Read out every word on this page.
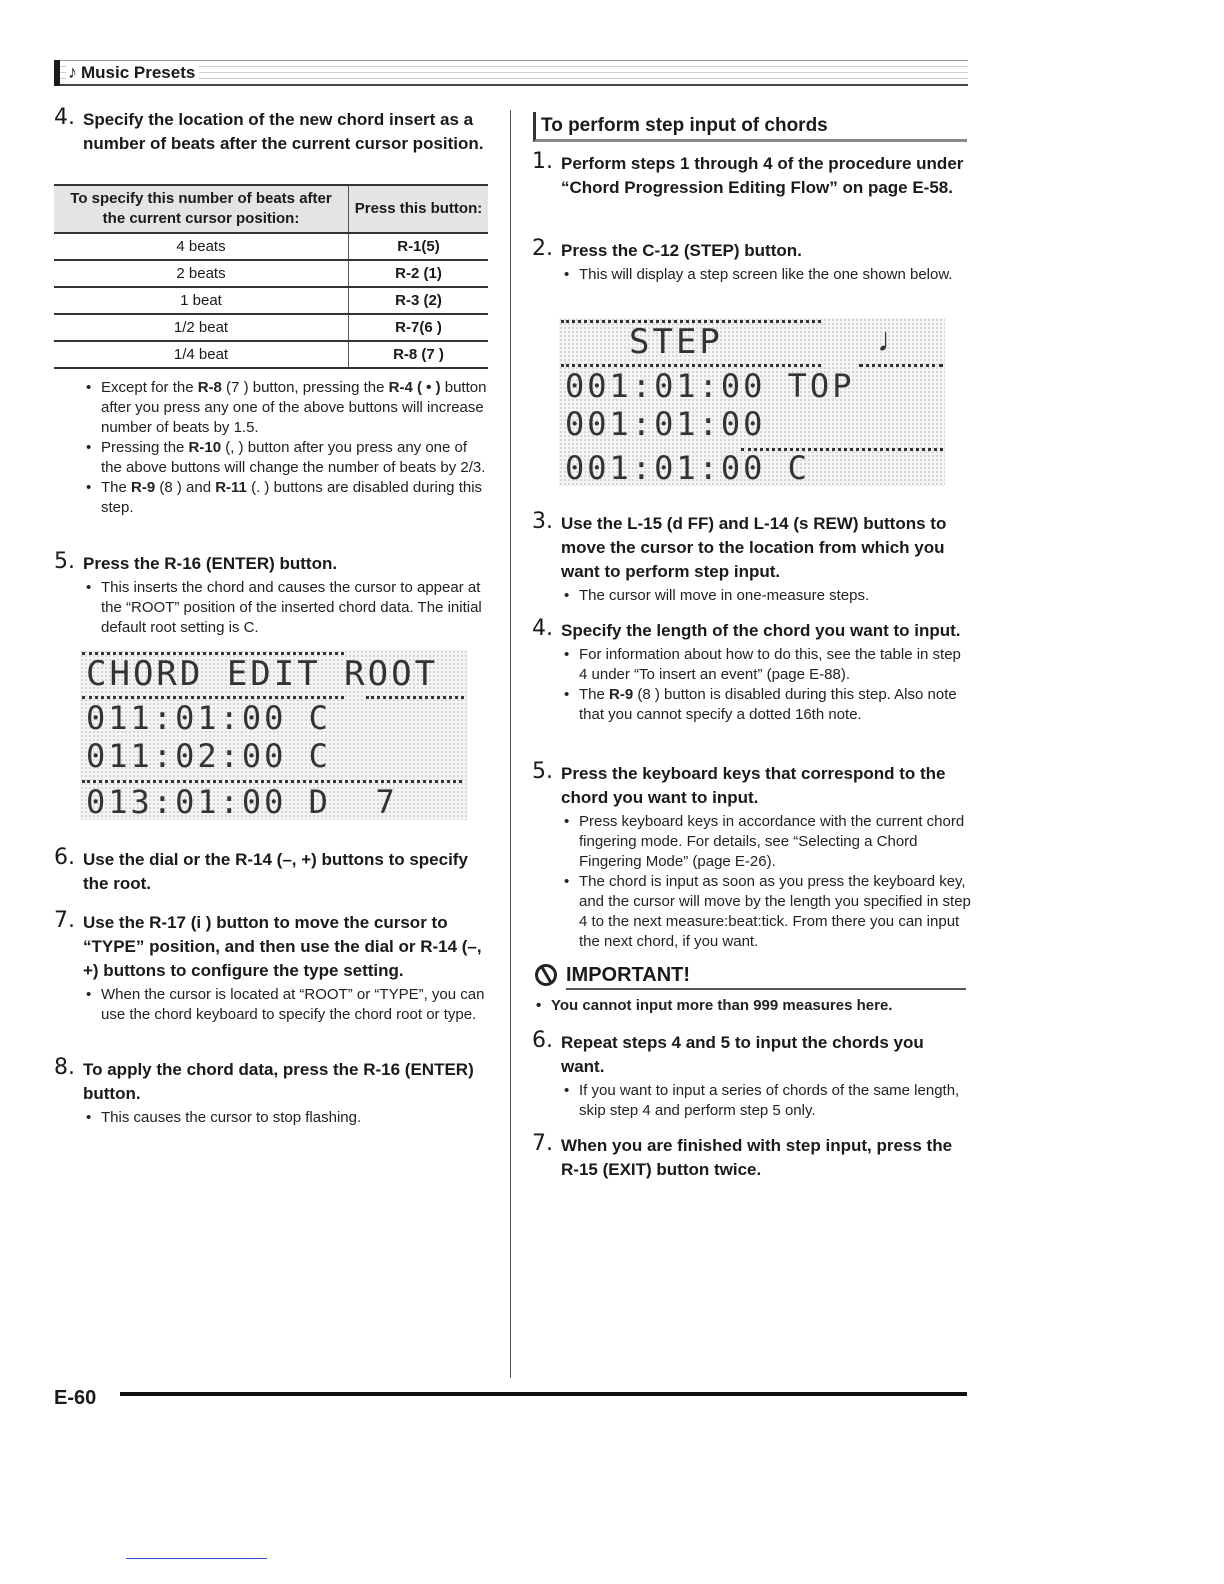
♪ Music Presets
4. Specify the location of the new chord insert as a number of beats after the current cursor position.
To specify this number of beats after the current cursor position:	Press this button:
4 beats	R-1(5)
2 beats	R-2 (1)
1 beat	R-3 (2)
1/2 beat	R-7(6 )
1/4 beat	R-8 (7 )
• Except for the R-8 (7 ) button, pressing the R-4 ( • ) button after you press any one of the above buttons will increase number of beats by 1.5.
• Pressing the R-10 (, ) button after you press any one of the above buttons will change the number of beats by 2/3.
• The R-9 (8 ) and R-11 (. ) buttons are disabled during this step.
5. Press the R-16 (ENTER) button.
• This inserts the chord and causes the cursor to appear at the “ROOT” position of the inserted chord data. The initial default root setting is C.
CHORD EDIT ROOT
011:01:00 C
011:02:00 C
013:01:00 D  7
6. Use the dial or the R-14 (–, +) buttons to specify the root.
7. Use the R-17 (i ) button to move the cursor to “TYPE” position, and then use the dial or R-14 (–, +) buttons to configure the type setting.
• When the cursor is located at “ROOT” or “TYPE”, you can use the chord keyboard to specify the chord root or type.
8. To apply the chord data, press the R-16 (ENTER) button.
• This causes the cursor to stop flashing.
To perform step input of chords
1. Perform steps 1 through 4 of the procedure under “Chord Progression Editing Flow” on page E-58.
2. Press the C-12 (STEP) button.
• This will display a step screen like the one shown below.
STEP	♩
001:01:00 TOP
001:01:00
001:01:00 C
3. Use the L-15 (d FF) and L-14 (s REW) buttons to move the cursor to the location from which you want to perform step input.
• The cursor will move in one-measure steps.
4. Specify the length of the chord you want to input.
• For information about how to do this, see the table in step 4 under “To insert an event” (page E-88).
• The R-9 (8 ) button is disabled during this step. Also note that you cannot specify a dotted 16th note.
5. Press the keyboard keys that correspond to the chord you want to input.
• Press keyboard keys in accordance with the current chord fingering mode. For details, see “Selecting a Chord Fingering Mode” (page E-26).
• The chord is input as soon as you press the keyboard key, and the cursor will move by the length you specified in step 4 to the next measure:beat:tick. From there you can input the next chord, if you want.
IMPORTANT!
• You cannot input more than 999 measures here.
6. Repeat steps 4 and 5 to input the chords you want.
• If you want to input a series of chords of the same length, skip step 4 and perform step 5 only.
7. When you are finished with step input, press the R-15 (EXIT) button twice.
E-60
